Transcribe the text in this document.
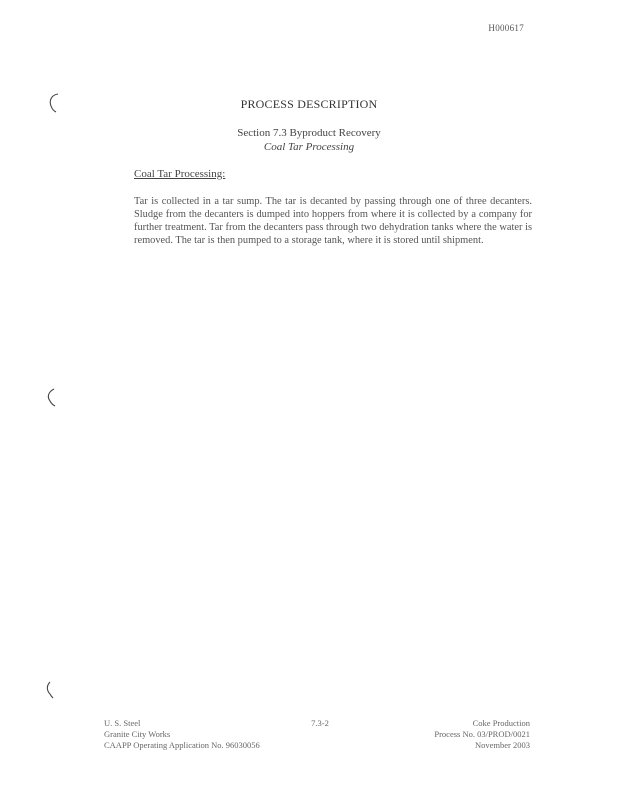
H000617
PROCESS DESCRIPTION
Section 7.3 Byproduct Recovery
Coal Tar Processing
Coal Tar Processing:
Tar is collected in a tar sump. The tar is decanted by passing through one of three decanters. Sludge from the decanters is dumped into hoppers from where it is collected by a company for further treatment. Tar from the decanters pass through two dehydration tanks where the water is removed. The tar is then pumped to a storage tank, where it is stored until shipment.
U. S. Steel
Granite City Works
CAAPP Operating Application No. 96030056
7.3-2	Coke Production
Process No. 03/PROD/0021
November 2003
